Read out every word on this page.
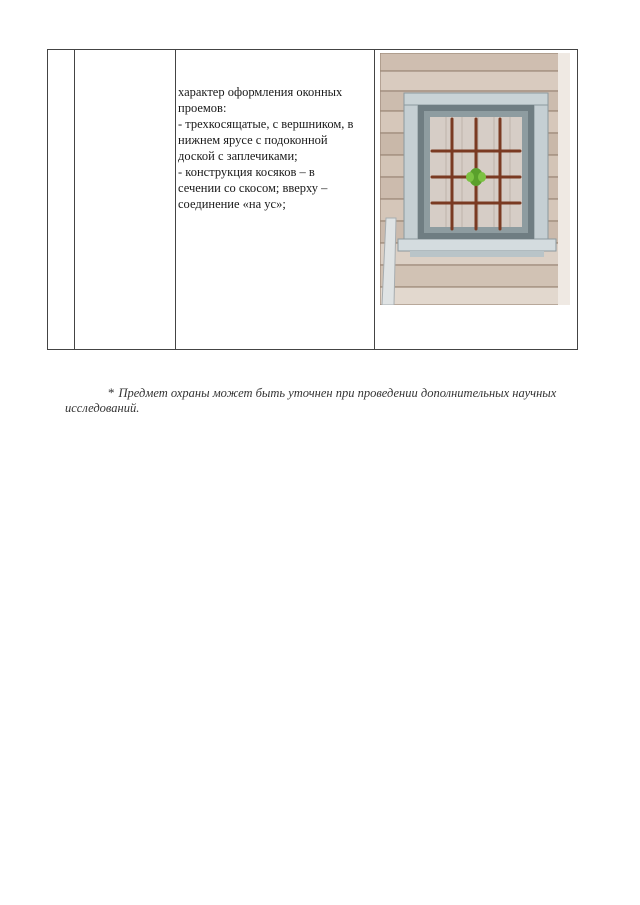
характер оформления оконных
проемов:
- трехкосящатые, с вершником, в
нижнем ярусе с подоконной
доской с заплечиками;
- конструкция косяков – в
сечении со скосом; вверху –
соединение «на ус»;
* Предмет охраны может быть уточнен при проведении дополнительных научных
исследований.
